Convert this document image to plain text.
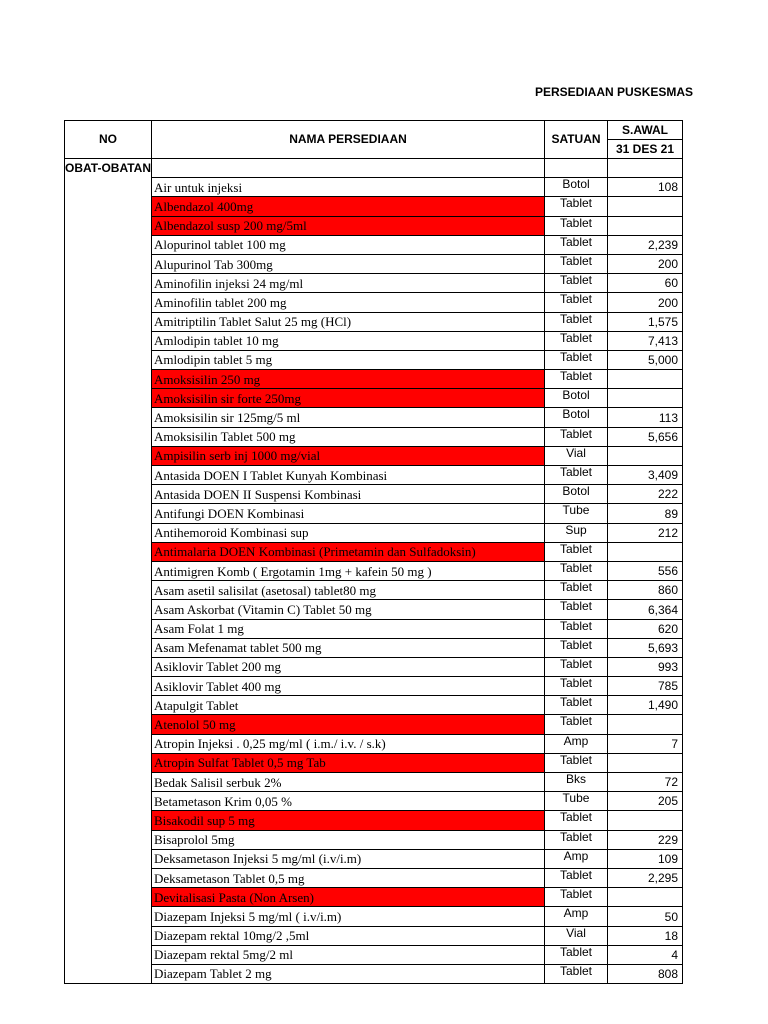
PERSEDIAAN PUSKESMAS
NO	NAMA PERSEDIAAN	SATUAN	S.AWAL
			31 DES 21
OBAT-OBATAN			
	Air untuk injeksi	Botol	108
	Albendazol 400mg	Tablet	
	Albendazol susp 200 mg/5ml	Tablet	
	Alopurinol tablet 100 mg	Tablet	2,239
	Alupurinol Tab 300mg	Tablet	200
	Aminofilin injeksi 24 mg/ml	Tablet	60
	Aminofilin tablet 200 mg	Tablet	200
	Amitriptilin Tablet Salut 25 mg (HCl)	Tablet	1,575
	Amlodipin tablet 10 mg	Tablet	7,413
	Amlodipin tablet 5 mg	Tablet	5,000
	Amoksisilin 250 mg	Tablet	
	Amoksisilin sir forte 250mg	Botol	
	Amoksisilin sir 125mg/5 ml	Botol	113
	Amoksisilin Tablet 500 mg	Tablet	5,656
	Ampisilin serb inj 1000 mg/vial	Vial	
	Antasida DOEN I Tablet Kunyah Kombinasi	Tablet	3,409
	Antasida DOEN II Suspensi Kombinasi	Botol	222
	Antifungi DOEN Kombinasi	Tube	89
	Antihemoroid Kombinasi sup	Sup	212
	Antimalaria DOEN Kombinasi (Primetamin dan Sulfadoksin)	Tablet	
	Antimigren Komb ( Ergotamin 1mg + kafein 50 mg )	Tablet	556
	Asam asetil salisilat (asetosal) tablet80 mg	Tablet	860
	Asam Askorbat (Vitamin C) Tablet 50 mg	Tablet	6,364
	Asam Folat 1 mg	Tablet	620
	Asam Mefenamat tablet 500 mg	Tablet	5,693
	Asiklovir Tablet 200 mg	Tablet	993
	Asiklovir Tablet 400 mg	Tablet	785
	Atapulgit Tablet	Tablet	1,490
	Atenolol 50 mg	Tablet	
	Atropin Injeksi . 0,25 mg/ml ( i.m./ i.v. / s.k)	Amp	7
	Atropin Sulfat Tablet 0,5 mg Tab	Tablet	
	Bedak Salisil serbuk 2%	Bks	72
	Betametason Krim 0,05 %	Tube	205
	Bisakodil sup 5 mg	Tablet	
	Bisaprolol 5mg	Tablet	229
	Deksametason Injeksi 5 mg/ml (i.v/i.m)	Amp	109
	Deksametason Tablet 0,5 mg	Tablet	2,295
	Devitalisasi Pasta (Non Arsen)	Tablet	
	Diazepam Injeksi 5 mg/ml ( i.v/i.m)	Amp	50
	Diazepam rektal 10mg/2 ,5ml	Vial	18
	Diazepam rektal 5mg/2 ml	Tablet	4
	Diazepam Tablet 2 mg	Tablet	808
